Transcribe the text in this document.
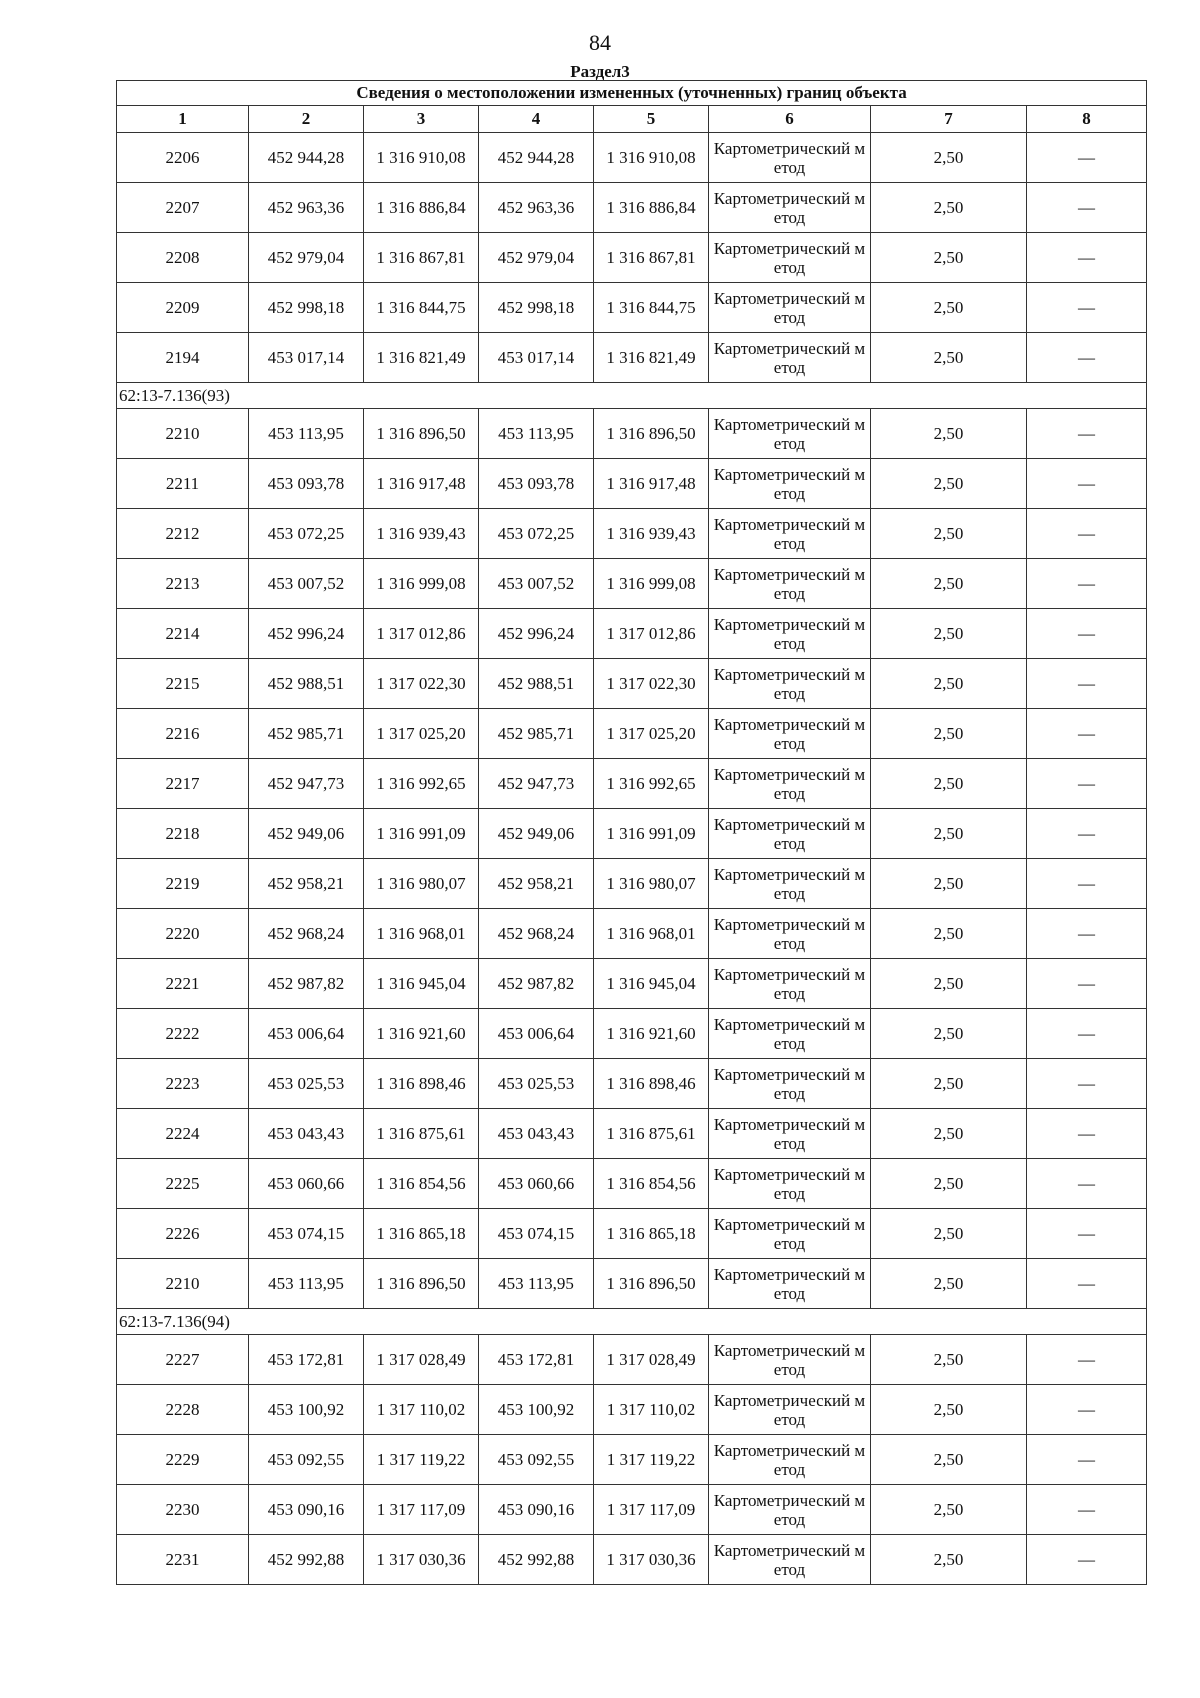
84
Раздел3
Сведения о местоположении измененных (уточненных) границ объекта							
1	2	3	4	5	6	7	8
2206	452 944,28	1 316 910,08	452 944,28	1 316 910,08	Картометрический метод	2,50	—
2207	452 963,36	1 316 886,84	452 963,36	1 316 886,84	Картометрический метод	2,50	—
2208	452 979,04	1 316 867,81	452 979,04	1 316 867,81	Картометрический метод	2,50	—
2209	452 998,18	1 316 844,75	452 998,18	1 316 844,75	Картометрический метод	2,50	—
2194	453 017,14	1 316 821,49	453 017,14	1 316 821,49	Картометрический метод	2,50	—
62:13-7.136(93)							
2210	453 113,95	1 316 896,50	453 113,95	1 316 896,50	Картометрический метод	2,50	—
2211	453 093,78	1 316 917,48	453 093,78	1 316 917,48	Картометрический метод	2,50	—
2212	453 072,25	1 316 939,43	453 072,25	1 316 939,43	Картометрический метод	2,50	—
2213	453 007,52	1 316 999,08	453 007,52	1 316 999,08	Картометрический метод	2,50	—
2214	452 996,24	1 317 012,86	452 996,24	1 317 012,86	Картометрический метод	2,50	—
2215	452 988,51	1 317 022,30	452 988,51	1 317 022,30	Картометрический метод	2,50	—
2216	452 985,71	1 317 025,20	452 985,71	1 317 025,20	Картометрический метод	2,50	—
2217	452 947,73	1 316 992,65	452 947,73	1 316 992,65	Картометрический метод	2,50	—
2218	452 949,06	1 316 991,09	452 949,06	1 316 991,09	Картометрический метод	2,50	—
2219	452 958,21	1 316 980,07	452 958,21	1 316 980,07	Картометрический метод	2,50	—
2220	452 968,24	1 316 968,01	452 968,24	1 316 968,01	Картометрический метод	2,50	—
2221	452 987,82	1 316 945,04	452 987,82	1 316 945,04	Картометрический метод	2,50	—
2222	453 006,64	1 316 921,60	453 006,64	1 316 921,60	Картометрический метод	2,50	—
2223	453 025,53	1 316 898,46	453 025,53	1 316 898,46	Картометрический метод	2,50	—
2224	453 043,43	1 316 875,61	453 043,43	1 316 875,61	Картометрический метод	2,50	—
2225	453 060,66	1 316 854,56	453 060,66	1 316 854,56	Картометрический метод	2,50	—
2226	453 074,15	1 316 865,18	453 074,15	1 316 865,18	Картометрический метод	2,50	—
2210	453 113,95	1 316 896,50	453 113,95	1 316 896,50	Картометрический метод	2,50	—
62:13-7.136(94)							
2227	453 172,81	1 317 028,49	453 172,81	1 317 028,49	Картометрический метод	2,50	—
2228	453 100,92	1 317 110,02	453 100,92	1 317 110,02	Картометрический метод	2,50	—
2229	453 092,55	1 317 119,22	453 092,55	1 317 119,22	Картометрический метод	2,50	—
2230	453 090,16	1 317 117,09	453 090,16	1 317 117,09	Картометрический метод	2,50	—
2231	452 992,88	1 317 030,36	452 992,88	1 317 030,36	Картометрический метод	2,50	—
